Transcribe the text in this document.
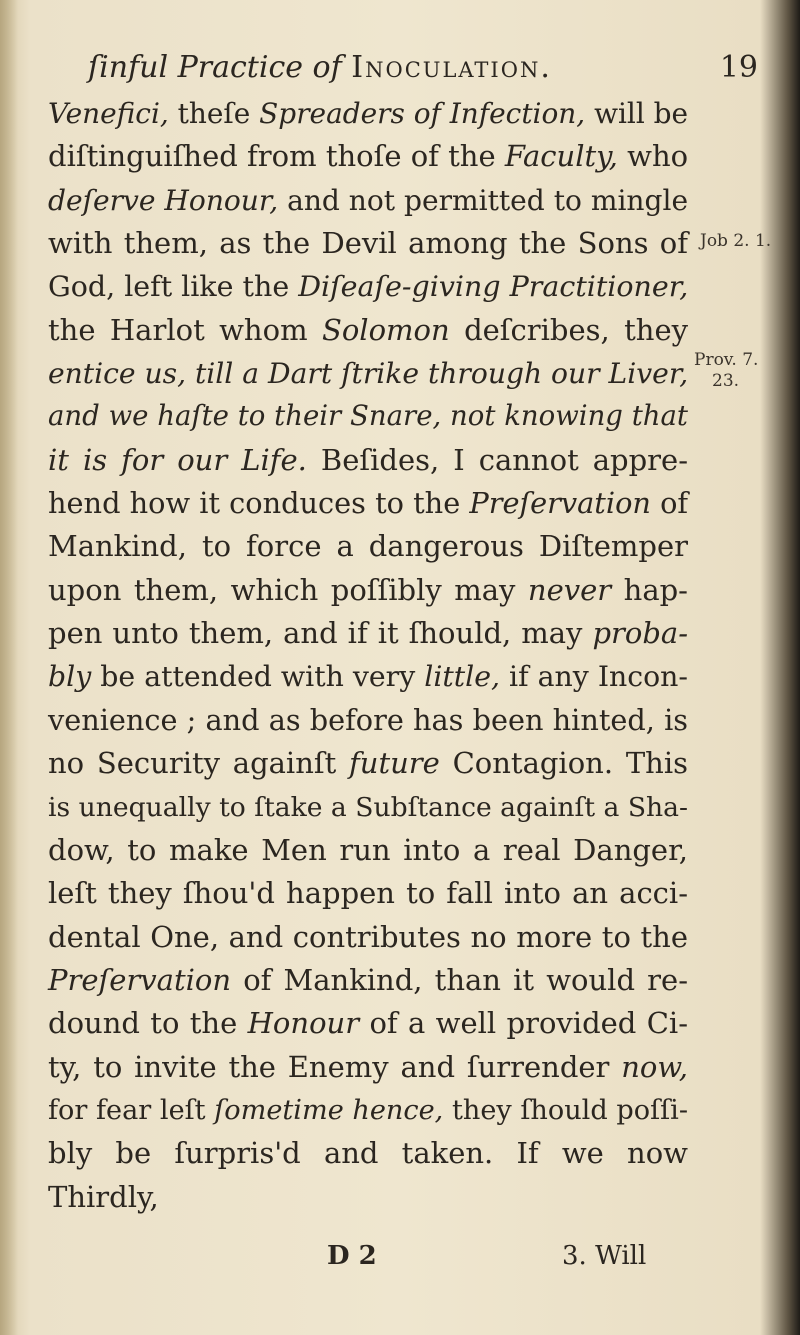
ſinful Practice of Inoculation.	19
Venefici, theſe Spreaders of Infection, will be
diſtinguiſhed from thoſe of the Faculty, who
deſerve Honour, and not permitted to mingle
with them, as the Devil among the Sons of
God, left like the Diſeaſe-giving Practitioner,
the Harlot whom Solomon deſcribes, they
entice us, till a Dart ſtrike through our Liver,
and we haſte to their Snare, not knowing that
it is for our Life. Beſides, I cannot appre-
hend how it conduces to the Preſervation of
Mankind, to force a dangerous Diſtemper
upon them, which poſſibly may never hap-
pen unto them, and if it ſhould, may proba-
bly be attended with very little, if any Incon-
venience ; and as before has been hinted, is
no Security againſt future Contagion. This
is unequally to ſtake a Subſtance againſt a Sha-
dow, to make Men run into a real Danger,
leſt they ſhou'd happen to fall into an acci-
dental One, and contributes no more to the
Preſervation of Mankind, than it would re-
dound to the Honour of a well provided Ci-
ty, to invite the Enemy and ſurrender now,
for fear leſt ſometime hence, they ſhould poſſi-
bly be ſurpris'd and taken. If we now
Thirdly,
Job 2. 1.
Prov. 7.
23.
D 2	3. Will
